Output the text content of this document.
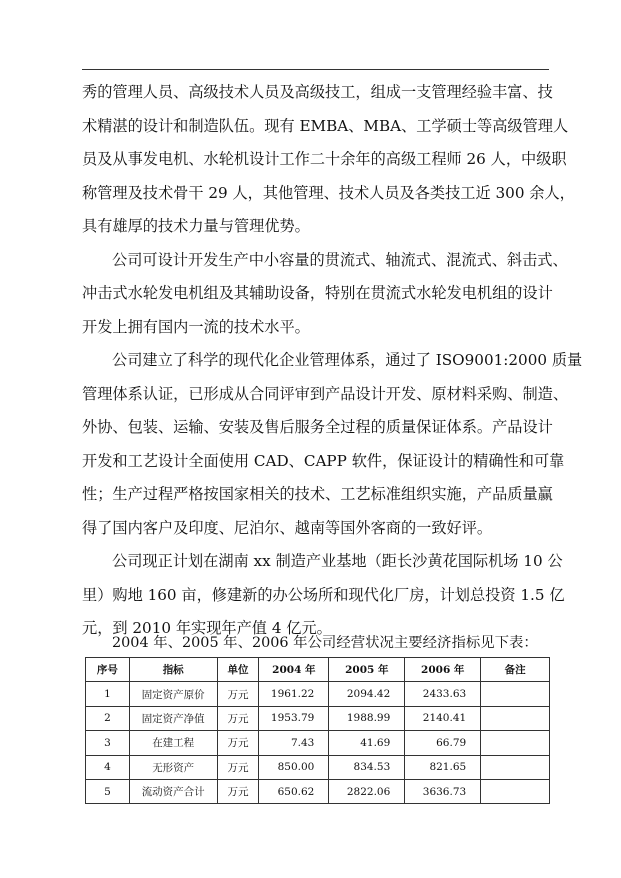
秀的管理人员、高级技术人员及高级技工，组成一支管理经验丰富、技
术精湛的设计和制造队伍。现有 EMBA、MBA、工学硕士等高级管理人
员及从事发电机、水轮机设计工作二十余年的高级工程师 26 人，中级职
称管理及技术骨干 29 人，其他管理、技术人员及各类技工近 300 余人，
具有雄厚的技术力量与管理优势。
公司可设计开发生产中小容量的贯流式、轴流式、混流式、斜击式、
冲击式水轮发电机组及其辅助设备，特别在贯流式水轮发电机组的设计
开发上拥有国内一流的技术水平。
公司建立了科学的现代化企业管理体系，通过了 ISO9001:2000 质量
管理体系认证，已形成从合同评审到产品设计开发、原材料采购、制造、
外协、包装、运输、安装及售后服务全过程的质量保证体系。产品设计
开发和工艺设计全面使用 CAD、CAPP 软件，保证设计的精确性和可靠
性；生产过程严格按国家相关的技术、工艺标准组织实施，产品质量赢
得了国内客户及印度、尼泊尔、越南等国外客商的一致好评。
公司现正计划在湖南 xx 制造产业基地（距长沙黄花国际机场 10 公
里）购地 160 亩，修建新的办公场所和现代化厂房，计划总投资 1.5 亿
元，到 2010 年实现年产值 4 亿元。
2004 年、2005 年、2006 年公司经营状况主要经济指标见下表：
序号	指标	单位	2004 年	2005 年	2006 年	备注
1	固定资产原价	万元	1961.22	2094.42	2433.63	
2	固定资产净值	万元	1953.79	1988.99	2140.41	
3	在建工程	万元	7.43	41.69	66.79	
4	无形资产	万元	850.00	834.53	821.65	
5	流动资产合计	万元	650.62	2822.06	3636.73	
